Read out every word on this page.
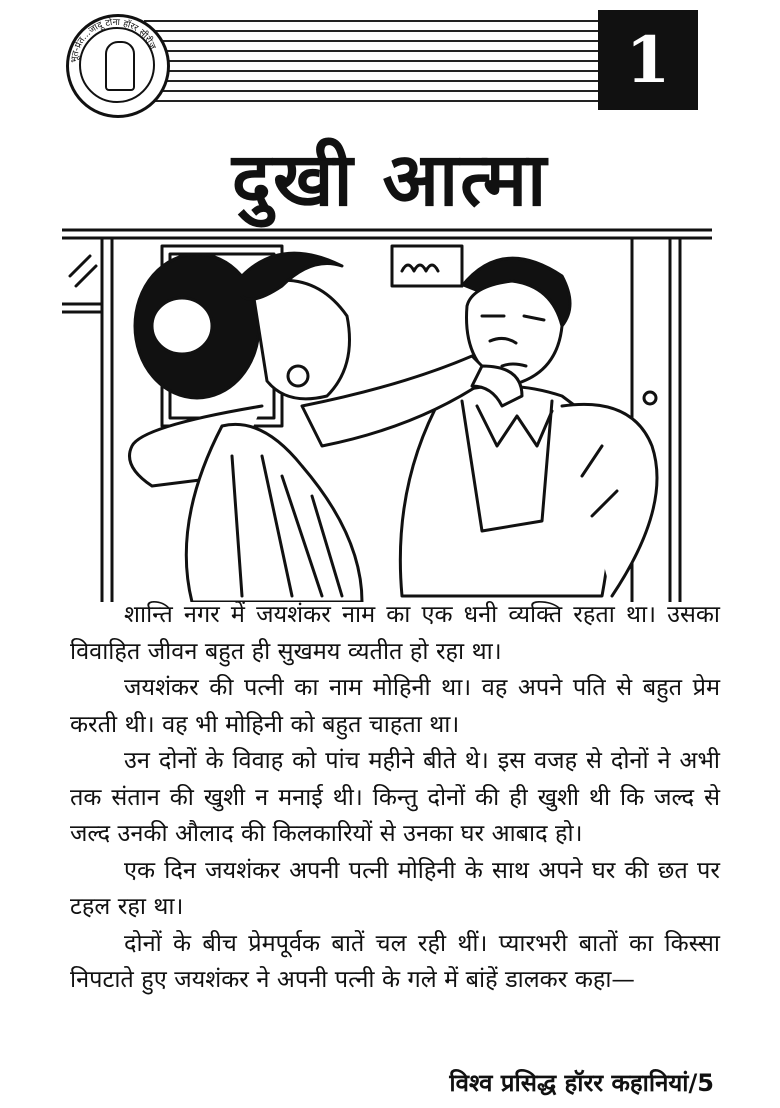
भूत-प्रेत...जादू टोना हॉरर सीरीज़	1
दुखी आत्मा

शान्ति नगर में जयशंकर नाम का एक धनी व्यक्ति रहता था। उसका विवाहित जीवन बहुत ही सुखमय व्यतीत हो रहा था।

जयशंकर की पत्नी का नाम मोहिनी था। वह अपने पति से बहुत प्रेम करती थी। वह भी मोहिनी को बहुत चाहता था।

उन दोनों के विवाह को पांच महीने बीते थे। इस वजह से दोनों ने अभी तक संतान की खुशी न मनाई थी। किन्तु दोनों की ही खुशी थी कि जल्द से जल्द उनकी औलाद की किलकारियों से उनका घर आबाद हो।

एक दिन जयशंकर अपनी पत्नी मोहिनी के साथ अपने घर की छत पर टहल रहा था।

दोनों के बीच प्रेमपूर्वक बातें चल रही थीं। प्यारभरी बातों का किस्सा निपटाते हुए जयशंकर ने अपनी पत्नी के गले में बांहें डालकर कहा—

विश्व प्रसिद्ध हॉरर कहानियां/5
